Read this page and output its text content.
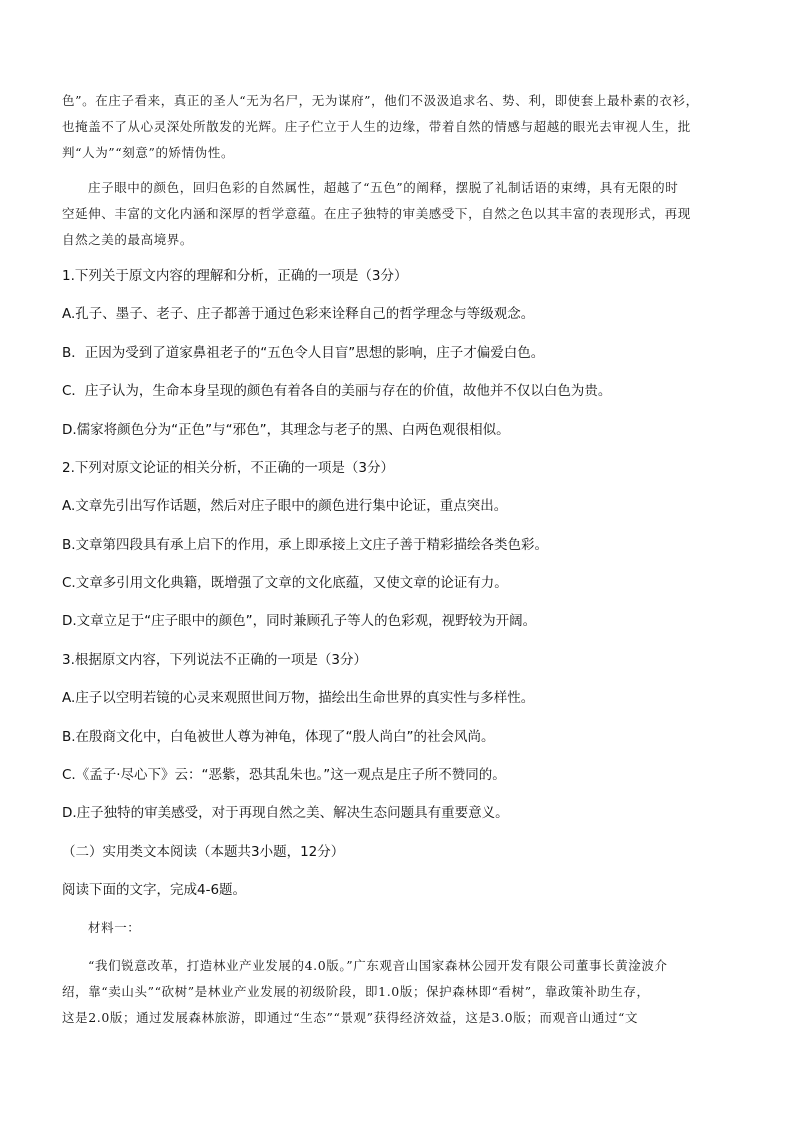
色”。在庄子看来，真正的圣人“无为名尸，无为谋府”，他们不汲汲追求名、势、利，即使套上最朴素的衣衫，
也掩盖不了从心灵深处所散发的光辉。庄子伫立于人生的边缘，带着自然的情感与超越的眼光去审视人生，批
判“人为”“刻意”的矫情伪性。
庄子眼中的颜色，回归色彩的自然属性，超越了“五色”的阐释，摆脱了礼制话语的束缚，具有无限的时
空延伸、丰富的文化内涵和深厚的哲学意蕴。在庄子独特的审美感受下，自然之色以其丰富的表现形式，再现
自然之美的最高境界。

1.下列关于原文内容的理解和分析，正确的一项是（3分）

A.孔子、墨子、老子、庄子都善于通过色彩来诠释自己的哲学理念与等级观念。

B．正因为受到了道家鼻祖老子的“五色令人目盲”思想的影响，庄子才偏爱白色。

C．庄子认为，生命本身呈现的颜色有着各自的美丽与存在的价值，故他并不仅以白色为贵。

D.儒家将颜色分为“正色”与“邪色”，其理念与老子的黑、白两色观很相似。

2.下列对原文论证的相关分析，不正确的一项是（3分）

A.文章先引出写作话题，然后对庄子眼中的颜色进行集中论证，重点突出。

B.文章第四段具有承上启下的作用，承上即承接上文庄子善于精彩描绘各类色彩。

C.文章多引用文化典籍，既增强了文章的文化底蕴，又使文章的论证有力。

D.文章立足于“庄子眼中的颜色”，同时兼顾孔子等人的色彩观，视野较为开阔。

3.根据原文内容，下列说法不正确的一项是（3分）

A.庄子以空明若镜的心灵来观照世间万物，描绘出生命世界的真实性与多样性。

B.在殷商文化中，白龟被世人尊为神龟，体现了“殷人尚白”的社会风尚。

C.《孟子·尽心下》云：“恶紫，恐其乱朱也。”这一观点是庄子所不赞同的。

D.庄子独特的审美感受，对于再现自然之美、解决生态问题具有重要意义。

（二）实用类文本阅读（本题共3小题，12分）

阅读下面的文字，完成4-6题。

材料一：
“我们锐意改革，打造林业产业发展的4.0版。”广东观音山国家森林公园开发有限公司董事长黄淦波介
绍，靠“卖山头”“砍树”是林业产业发展的初级阶段，即1.0版；保护森林即“看树”，靠政策补助生存，
这是2.0版；通过发展森林旅游，即通过“生态”“景观”获得经济效益，这是3.0版；而观音山通过“文
